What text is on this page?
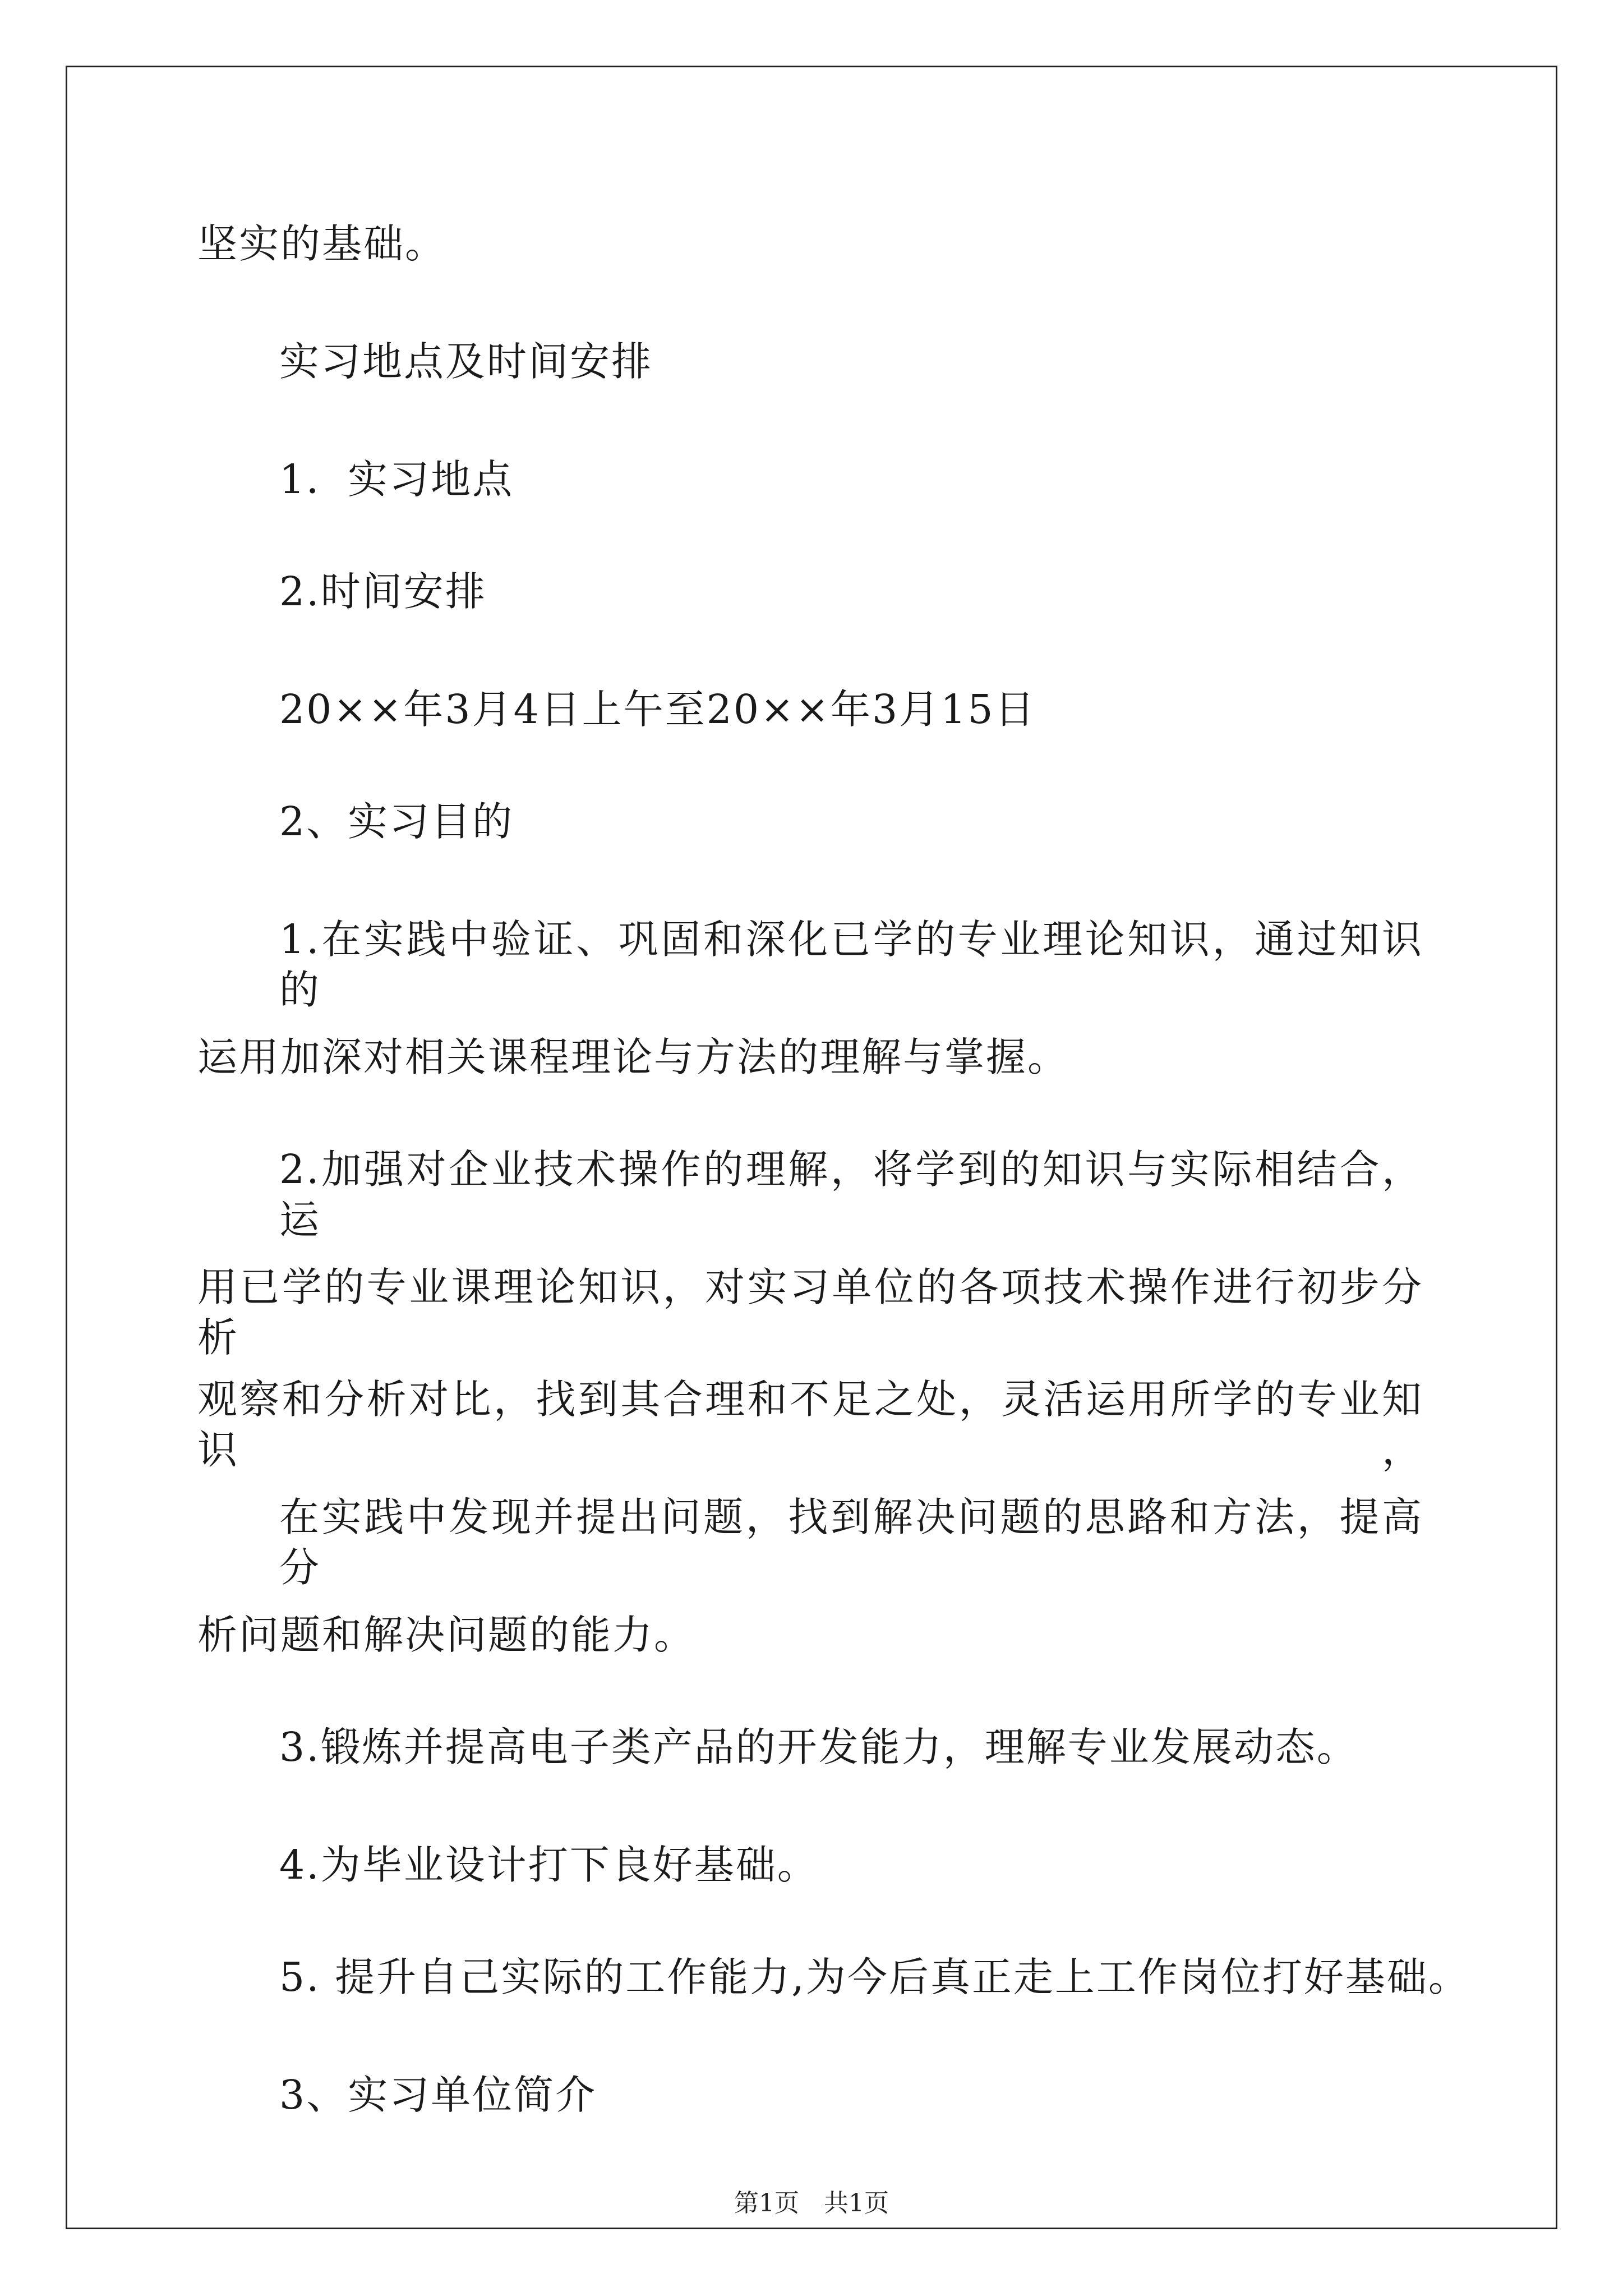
坚实的基础。
实习地点及时间安排
1．实习地点
2.时间安排
20××年3月4日上午至20××年3月15日
2、实习目的
1.在实践中验证、巩固和深化已学的专业理论知识，通过知识的
运用加深对相关课程理论与方法的理解与掌握。
2.加强对企业技术操作的理解，将学到的知识与实际相结合，运
用已学的专业课理论知识，对实习单位的各项技术操作进行初步分析
观察和分析对比，找到其合理和不足之处，灵活运用所学的专业知识，
在实践中发现并提出问题，找到解决问题的思路和方法，提高分
析问题和解决问题的能力。
3.锻炼并提高电子类产品的开发能力，理解专业发展动态。
4.为毕业设计打下良好基础。
5. 提升自己实际的工作能力,为今后真正走上工作岗位打好基础。
3、实习单位简介
第1页　共1页
